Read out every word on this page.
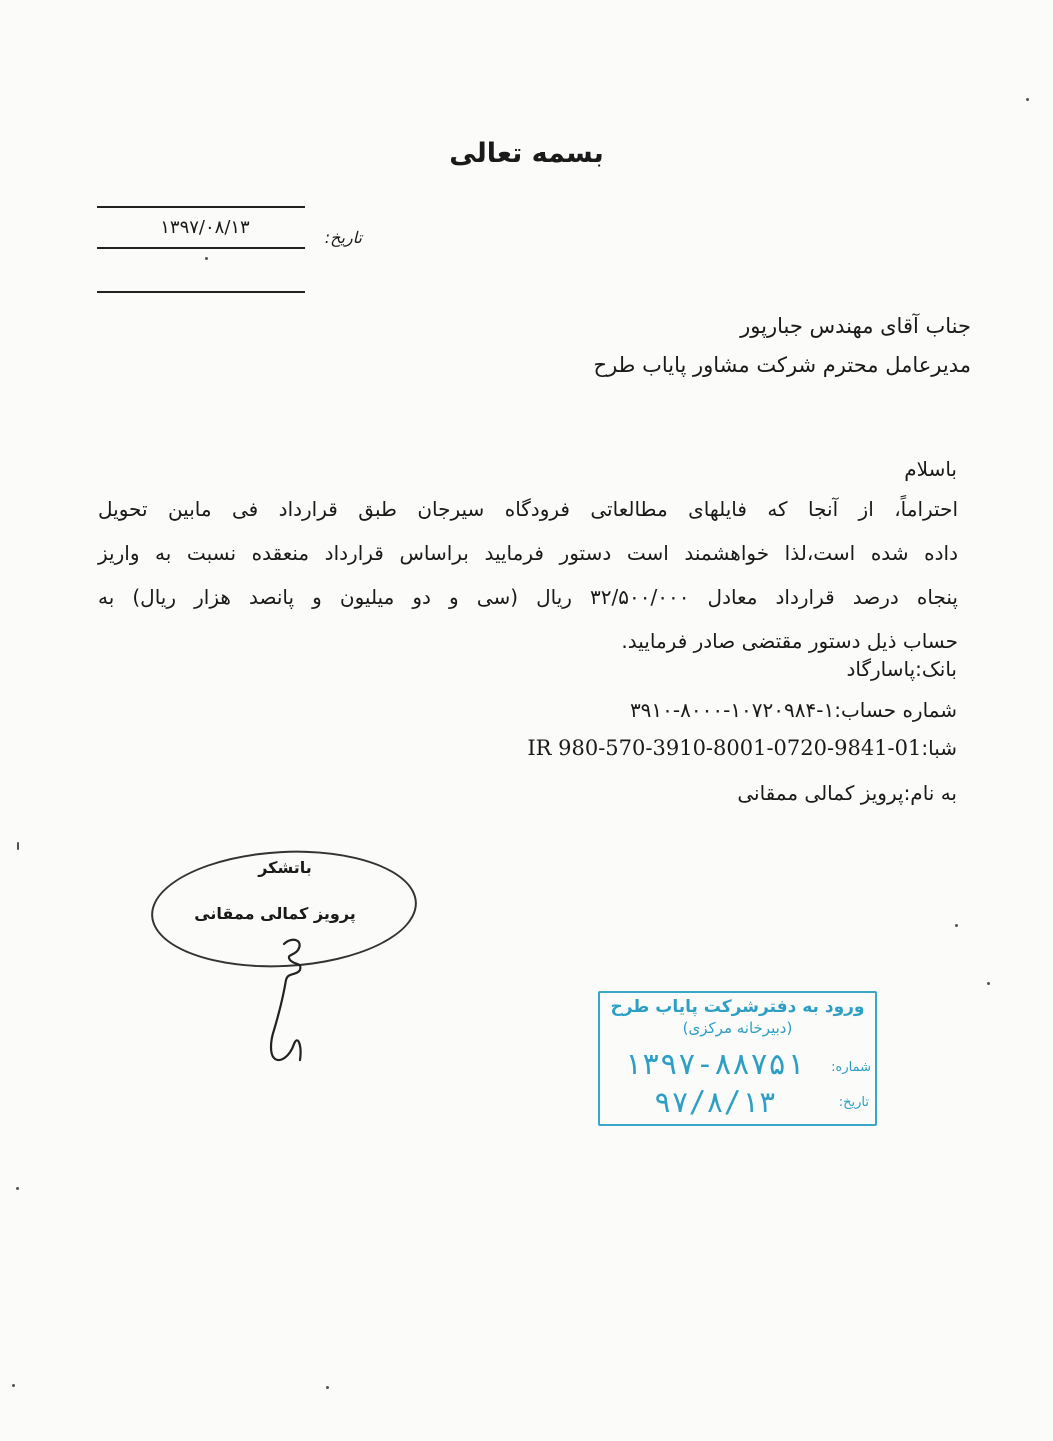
بسمه تعالی
۱۳۹۷/۰۸/۱۳	تاریخ:
جناب آقای مهندس جبارپور
مدیرعامل محترم شرکت مشاور پایاب طرح
باسلام
احتراماً، از آنجا که فایلهای مطالعاتی فرودگاه سیرجان طبق قرارداد فی مابین تحویل
داده شده است،لذا خواهشمند است دستور فرمایید براساس قرارداد منعقده نسبت به واریز
پنجاه درصد قرارداد معادل ۳۲/۵۰۰/۰۰۰ ریال (سی و دو میلیون و پانصد هزار ریال) به
حساب ذیل دستور مقتضی صادر فرمایید.
بانک:پاسارگاد
شماره حساب:۱-۱۰۷۲۰۹۸۴-۸۰۰۰-۳۹۱۰
شبا:IR 980-570-3910-8001-0720-9841-01
به نام:پرویز کمالی ممقانی
باتشکر
پرویز کمالی ممقانی
ورود به دفترشرکت پایاب طرح
(دبیرخانه مرکزی)
شماره:
۱۳۹۷-۸۸۷۵۱
تاریخ:
۹۷/۸/۱۳
